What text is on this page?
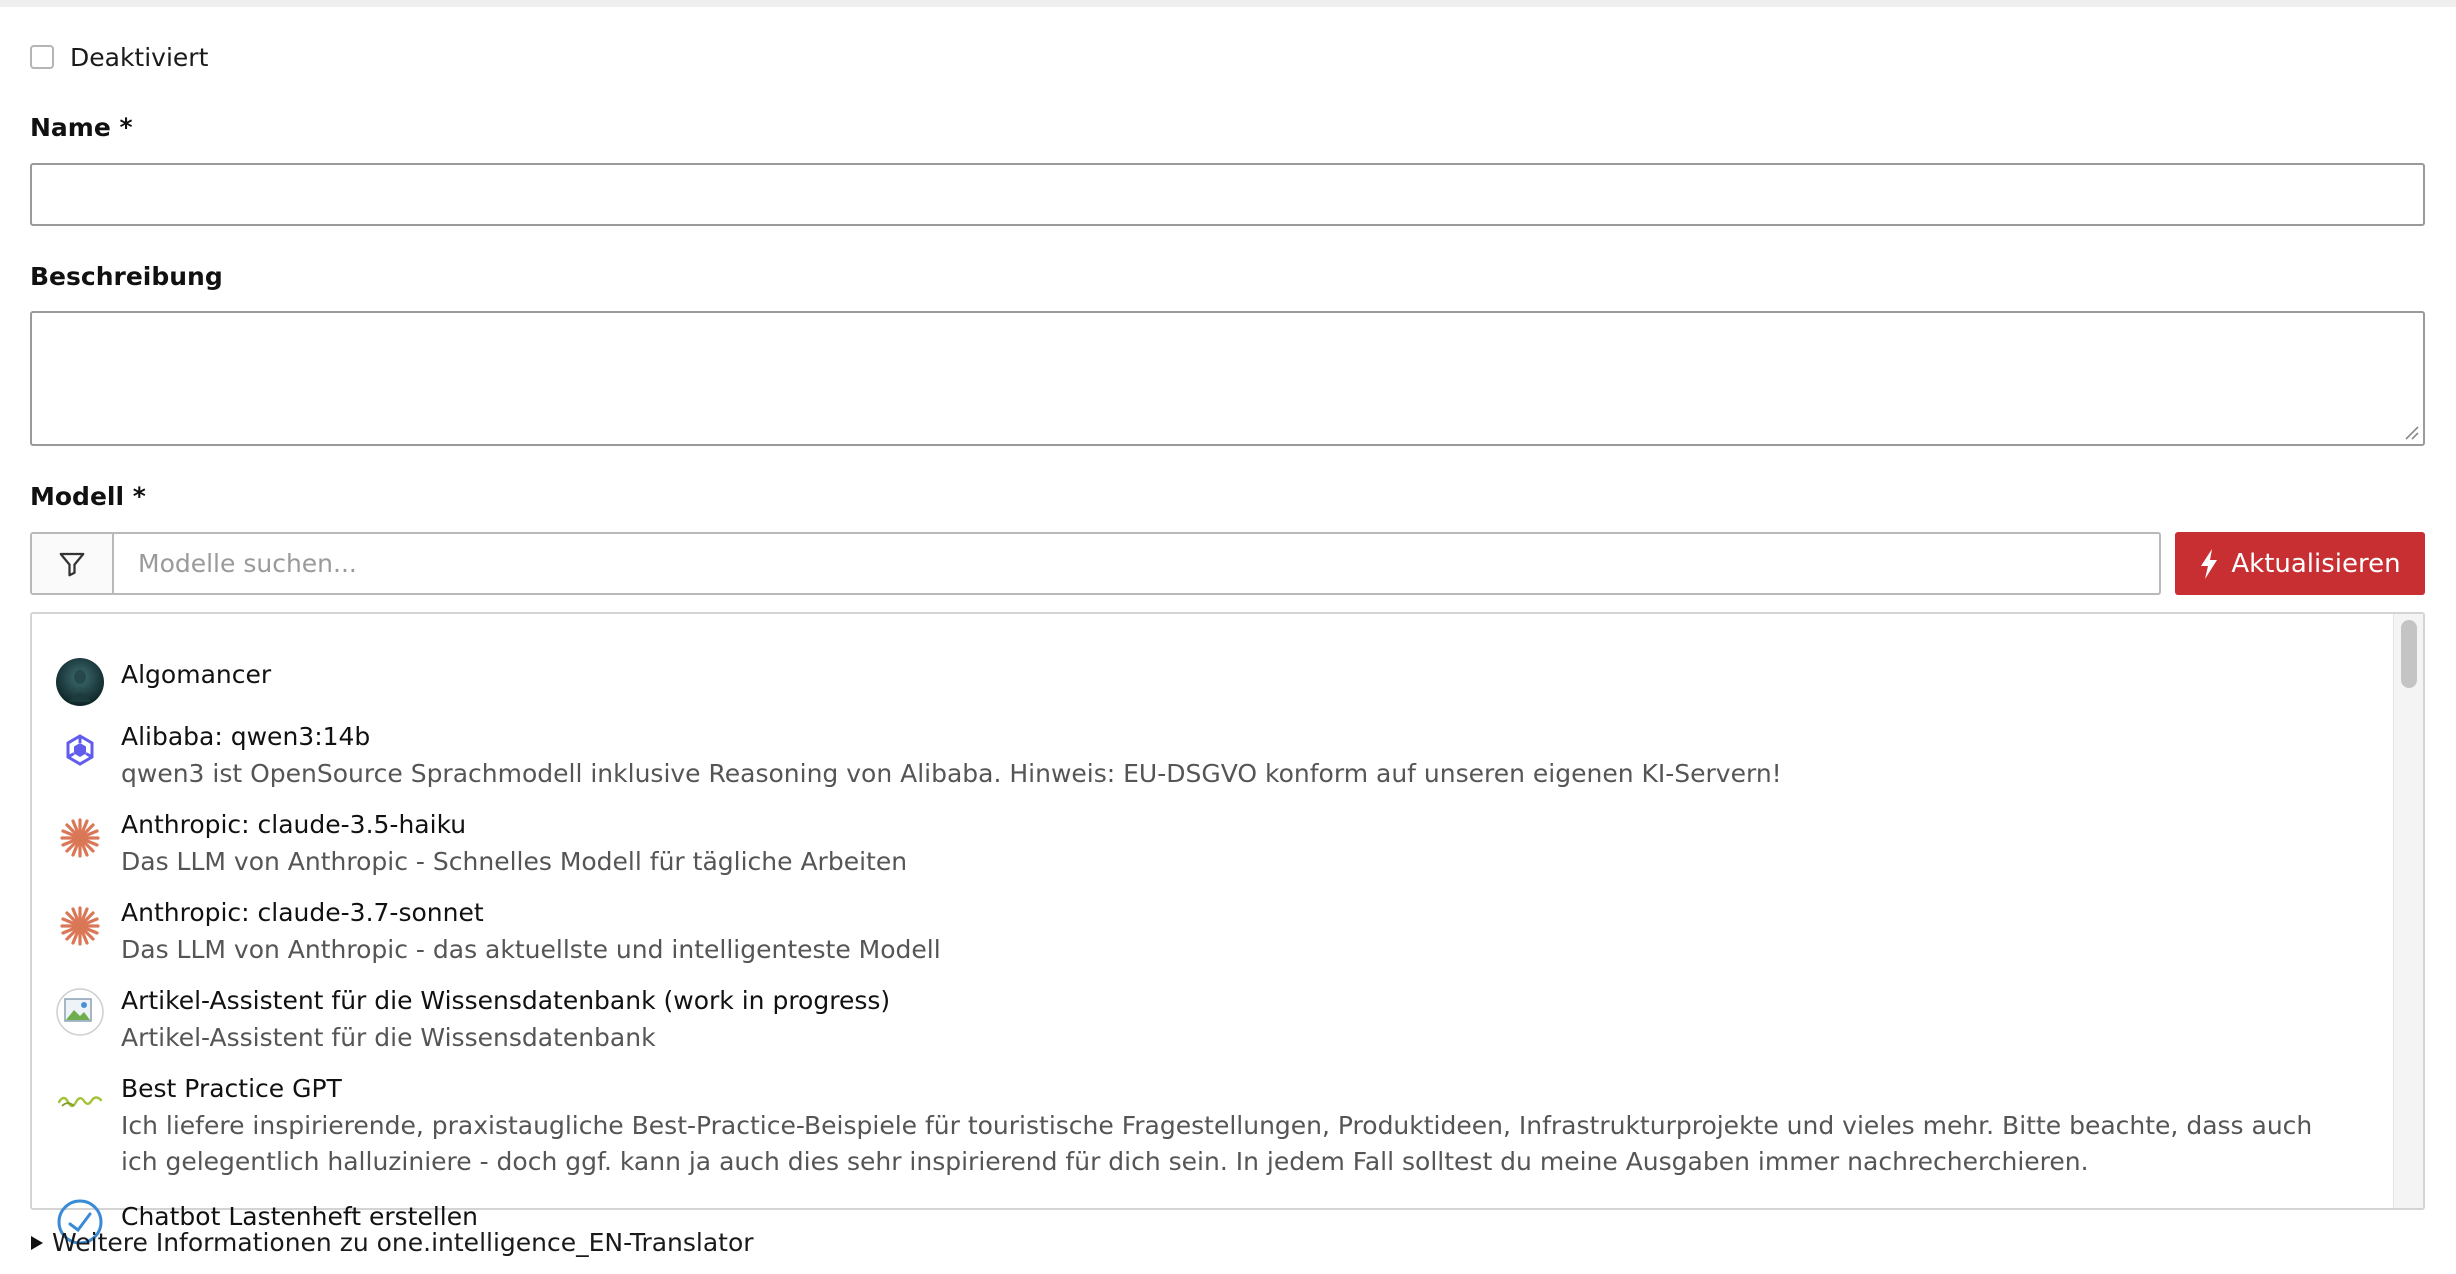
Deaktiviert
Name *
Beschreibung
Modell *
Modelle suchen...	Aktualisieren
Algomancer
Alibaba: qwen3:14b
qwen3 ist OpenSource Sprachmodell inklusive Reasoning von Alibaba. Hinweis: EU-DSGVO konform auf unseren eigenen KI-Servern!
Anthropic: claude-3.5-haiku
Das LLM von Anthropic - Schnelles Modell für tägliche Arbeiten
Anthropic: claude-3.7-sonnet
Das LLM von Anthropic - das aktuellste und intelligenteste Modell
Artikel-Assistent für die Wissensdatenbank (work in progress)
Artikel-Assistent für die Wissensdatenbank
Best Practice GPT
Ich liefere inspirierende, praxistaugliche Best-Practice-Beispiele für touristische Fragestellungen, Produktideen, Infrastrukturprojekte und vieles mehr. Bitte beachte, dass auch ich gelegentlich halluziniere - doch ggf. kann ja auch dies sehr inspirierend für dich sein. In jedem Fall solltest du meine Ausgaben immer nachrecherchieren.
Chatbot Lastenheft erstellen
Weitere Informationen zu one.intelligence_EN-Translator
